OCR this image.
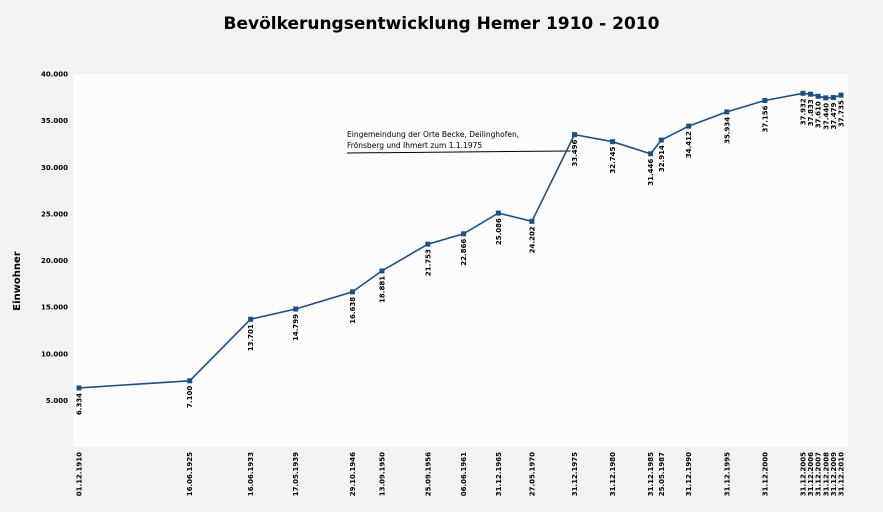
Bevölkerungsentwicklung Hemer 1910 - 2010
Einwohner
5.000
10.000
15.000
20.000
25.000
30.000
35.000
40.000
01.12.1910	16.06.1925	16.06.1933	17.05.1939	29.10.1946	13.09.1950	25.09.1956	06.06.1961	31.12.1965	27.05.1970	31.12.1975	31.12.1980	31.12.1985 25.05.1987	31.12.1990	31.12.1995	31.12.2000	31.12.2005 31.12.2006 31.12.2007 31.12.2008 31.12.2009 31.12.2010
Eingemeindung der Orte Becke, Deilinghofen,
Frönsberg und Ihmert zum 1.1.1975
6.334	7.100
13.701	14.799
16.638
18.881
21.753	22.866
25.086	24.202
33.496	32.745	31.446
32.914
34.412
35.934	37.156	37.932 37.833 37.610 37.440 37.479 37.735
